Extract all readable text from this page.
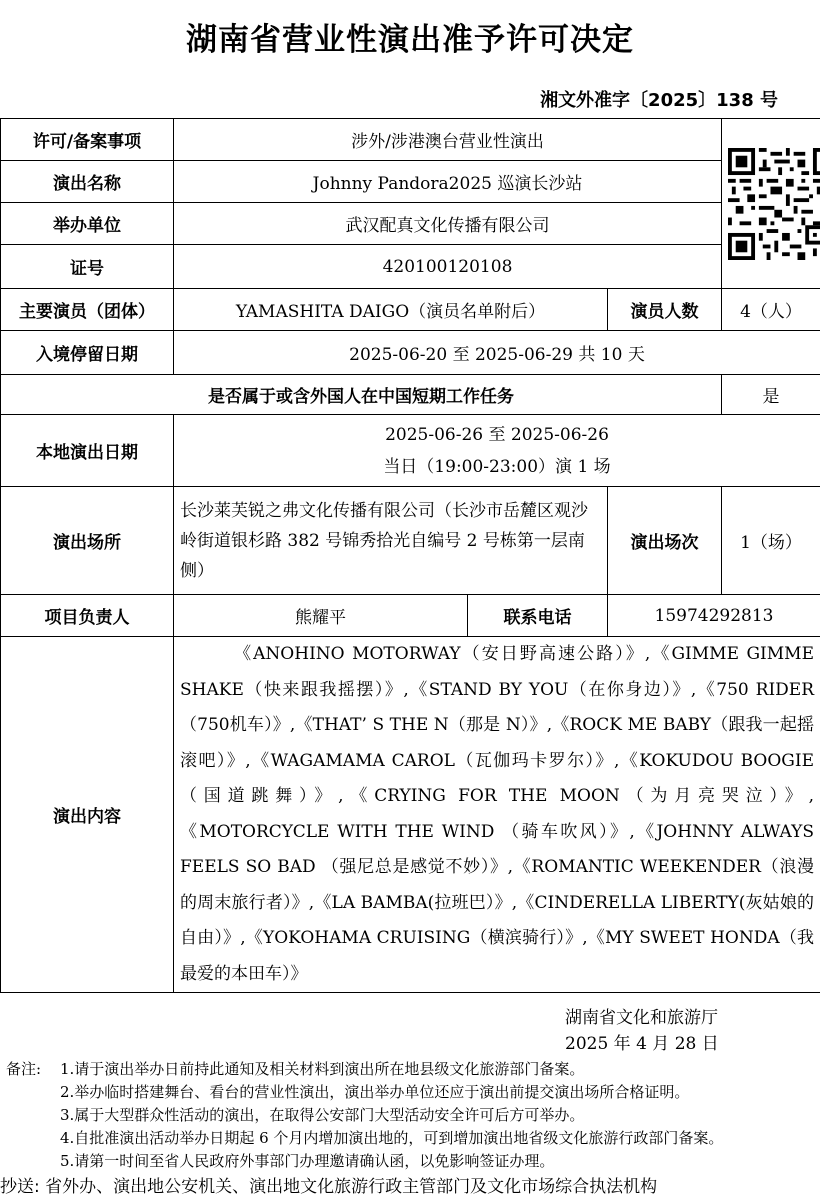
湖南省营业性演出准予许可决定
湘文外准字〔2025〕138 号
许可/备案事项	涉外/涉港澳台营业性演出	

演出名称	Johnny Pandora2025 巡演长沙站			
举办单位	武汉配真文化传播有限公司			
证号	420100120108			
主要演员（团体）	YAMASHITA DAIGO（演员名单附后）		演员人数	4（人）
入境停留日期	2025-06-20 至 2025-06-29 共 10 天			
是否属于或含外国人在中国短期工作任务				是
本地演出日期	2025-06-26 至 2025-06-26
当日（19:00-23:00）演 1 场			

演出场所	长沙莱芙锐之弗文化传播有限公司（长沙市岳麓区观沙岭街道银杉路 382 号锦秀拾光自编号 2 号栋第一层南侧）		演出场次	1（场）
项目负责人	熊耀平	联系电话	15974292813	
演出内容	《ANOHINO MOTORWAY（安日野高速公路）》,《GIMME GIMME SHAKE（快来跟我摇摆）》,《STAND BY YOU（在你身边）》,《750 RIDER（750机车）》,《THAT’ S THE N（那是 N）》,《ROCK ME BABY（跟我一起摇滚吧）》,《WAGAMAMA CAROL（瓦伽玛卡罗尔）》,《KOKUDOU BOOGIE（国道跳舞）》,《CRYING FOR THE MOON（为月亮哭泣）》,《MOTORCYCLE WITH THE WIND （骑车吹风）》,《JOHNNY ALWAYS FEELS SO BAD （强尼总是感觉不妙）》,《ROMANTIC WEEKENDER（浪漫的周末旅行者）》,《LA BAMBA(拉班巴）》,《CINDERELLA LIBERTY(灰姑娘的自由）》,《YOKOHAMA CRUISING（横滨骑行）》,《MY SWEET HONDA（我最爱的本田车）》			
湖南省文化和旅游厅
2025 年 4 月 28 日
备注: 1.请于演出举办日前持此通知及相关材料到演出所在地县级文化旅游部门备案。
2.举办临时搭建舞台、看台的营业性演出，演出举办单位还应于演出前提交演出场所合格证明。
3.属于大型群众性活动的演出，在取得公安部门大型活动安全许可后方可举办。
4.自批准演出活动举办日期起 6 个月内增加演出地的，可到增加演出地省级文化旅游行政部门备案。
5.请第一时间至省人民政府外事部门办理邀请确认函，以免影响签证办理。
抄送: 省外办、演出地公安机关、演出地文化旅游行政主管部门及文化市场综合执法机构
